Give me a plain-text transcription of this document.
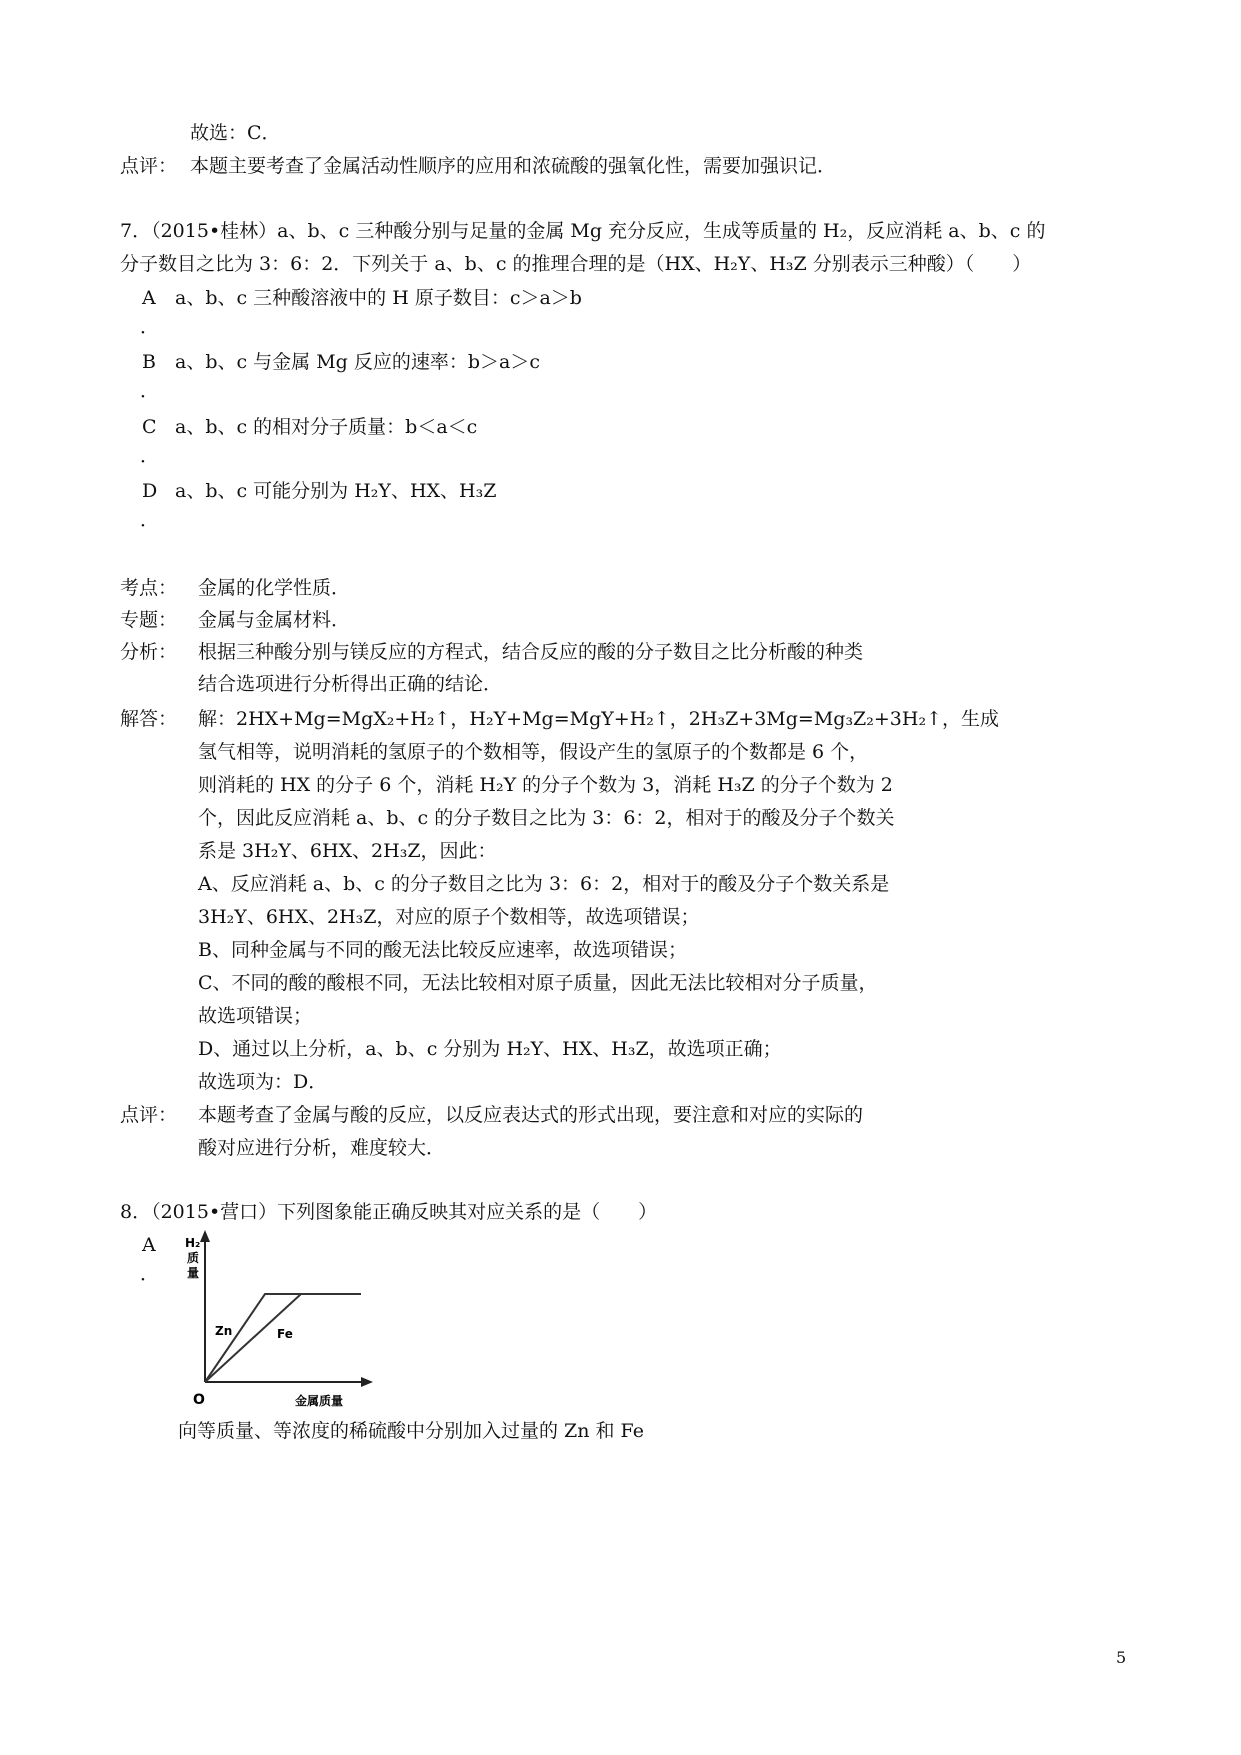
故选：C．
点评： 本题主要考查了金属活动性顺序的应用和浓硫酸的强氧化性，需要加强识记．
7．（2015•桂林）a、b、c 三种酸分别与足量的金属 Mg 充分反应，生成等质量的 H₂，反应消耗 a、b、c 的
分子数目之比为 3：6：2．下列关于 a、b、c 的推理合理的是（HX、H₂Y、H₃Z 分别表示三种酸）（　　）
A a、b、c 三种酸溶液中的 H 原子数目：c＞a＞b
．
B a、b、c 与金属 Mg 反应的速率：b＞a＞c
．
C a、b、c 的相对分子质量：b＜a＜c
．
D a、b、c 可能分别为 H₂Y、HX、H₃Z
．
考点： 金属的化学性质．
专题： 金属与金属材料．
分析： 根据三种酸分别与镁反应的方程式，结合反应的酸的分子数目之比分析酸的种类
结合选项进行分析得出正确的结论．
解答： 解：2HX+Mg=MgX₂+H₂↑，H₂Y+Mg=MgY+H₂↑，2H₃Z+3Mg=Mg₃Z₂+3H₂↑，生成
氢气相等，说明消耗的氢原子的个数相等，假设产生的氢原子的个数都是 6 个，
则消耗的 HX 的分子 6 个，消耗 H₂Y 的分子个数为 3，消耗 H₃Z 的分子个数为 2
个，因此反应消耗 a、b、c 的分子数目之比为 3：6：2，相对于的酸及分子个数关
系是 3H₂Y、6HX、2H₃Z，因此：
A、反应消耗 a、b、c 的分子数目之比为 3：6：2，相对于的酸及分子个数关系是
3H₂Y、6HX、2H₃Z，对应的原子个数相等，故选项错误；
B、同种金属与不同的酸无法比较反应速率，故选项错误；
C、不同的酸的酸根不同，无法比较相对原子质量，因此无法比较相对分子质量，
故选项错误；
D、通过以上分析，a、b、c 分别为 H₂Y、HX、H₃Z，故选项正确；
故选项为：D．
点评： 本题考查了金属与酸的反应，以反应表达式的形式出现，要注意和对应的实际的
酸对应进行分析，难度较大．
8．（2015•营口）下列图象能正确反映其对应关系的是（　　）
A
．
H₂
质
量
O	金属质量
Zn	Fe
向等质量、等浓度的稀硫酸中分别加入过量的 Zn 和 Fe
5
